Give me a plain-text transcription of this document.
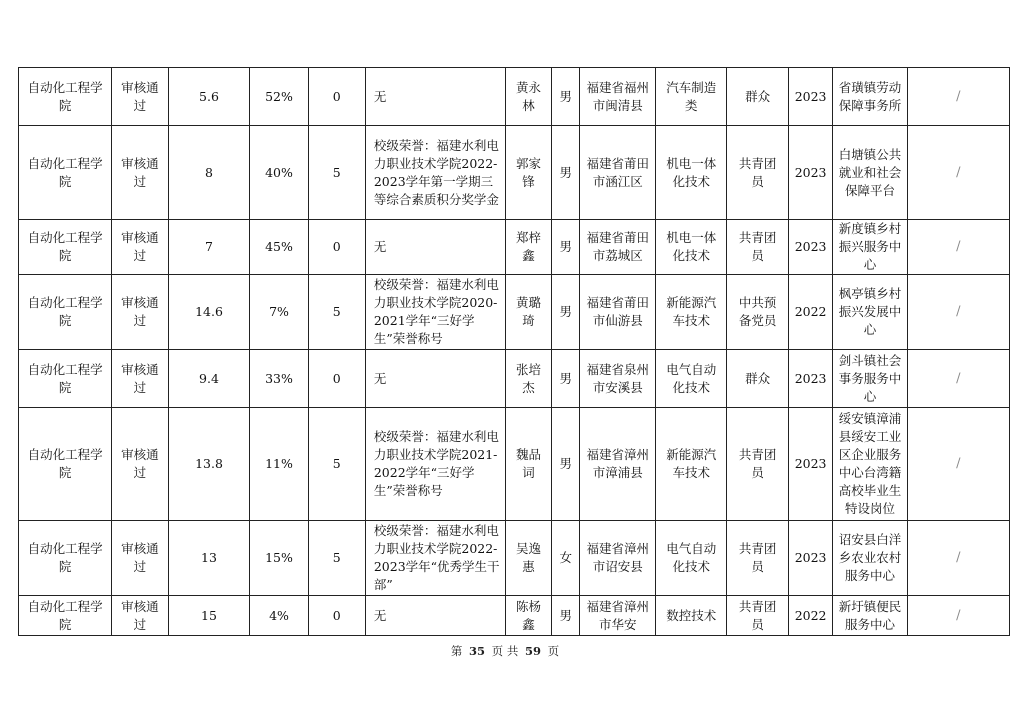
自动化工程学院	审核通过	5.6	52%	0	无	黄永林	男	福建省福州市闽清县	汽车制造类	群众	2023	省璜镇劳动保障事务所	/
自动化工程学院	审核通过	8	40%	5	校级荣誉：福建水利电力职业技术学院2022-2023学年第一学期三等综合素质积分奖学金	郭家锋	男	福建省莆田市涵江区	机电一体化技术	共青团员	2023	白塘镇公共就业和社会保障平台	/
自动化工程学院	审核通过	7	45%	0	无	郑梓鑫	男	福建省莆田市荔城区	机电一体化技术	共青团员	2023	新度镇乡村振兴服务中心	/
自动化工程学院	审核通过	14.6	7%	5	校级荣誉：福建水利电力职业技术学院2020-2021学年“三好学生”荣誉称号	黄璐琦	男	福建省莆田市仙游县	新能源汽车技术	中共预备党员	2022	枫亭镇乡村振兴发展中心	/
自动化工程学院	审核通过	9.4	33%	0	无	张培杰	男	福建省泉州市安溪县	电气自动化技术	群众	2023	剑斗镇社会事务服务中心	/
自动化工程学院	审核通过	13.8	11%	5	校级荣誉：福建水利电力职业技术学院2021-2022学年“三好学生”荣誉称号	魏品词	男	福建省漳州市漳浦县	新能源汽车技术	共青团员	2023	绥安镇漳浦县绥安工业区企业服务中心台湾籍高校毕业生特设岗位	/
自动化工程学院	审核通过	13	15%	5	校级荣誉：福建水利电力职业技术学院2022-2023学年“优秀学生干部”	吴逸惠	女	福建省漳州市诏安县	电气自动化技术	共青团员	2023	诏安县白洋乡农业农村服务中心	/
自动化工程学院	审核通过	15	4%	0	无	陈杨鑫	男	福建省漳州市华安	数控技术	共青团员	2022	新圩镇便民服务中心	/
第 35 页 共 59 页
